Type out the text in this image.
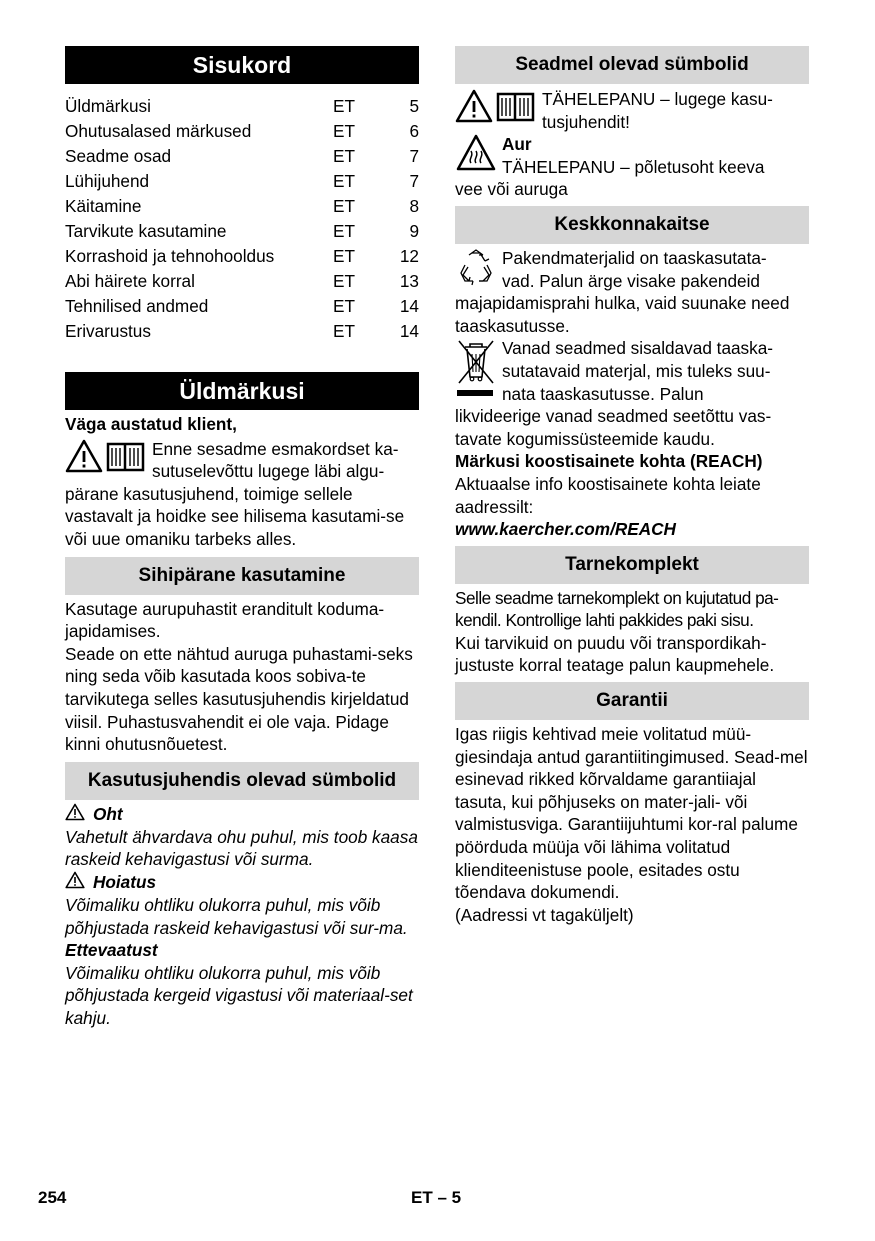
Sisukord
Üldmärkusi	ET	5
Ohutusalased märkused	ET	6
Seadme osad	ET	7
Lühijuhend	ET	7
Käitamine	ET	8
Tarvikute kasutamine	ET	9
Korrashoid ja tehnohooldus	ET	12
Abi häirete korral	ET	13
Tehnilised andmed	ET	14
Erivarustus	ET	14
Üldmärkusi

Väga austatud klient,

Enne sesadme esmakordset ka-

sutuselevõttu lugege läbi algu-

pärane kasutusjuhend, toimige sellele vastavalt ja hoidke see hilisema kasutami-se või uue omaniku tarbeks alles.

Sihipärane kasutamine

Kasutage aurupuhastit eranditult koduma-japidamises.

Seade on ette nähtud auruga puhastami-seks ning seda võib kasutada koos sobiva-te tarvikutega selles kasutusjuhendis kirjeldatud viisil. Puhastusvahendit ei ole vaja. Pidage kinni ohutusnõuetest.

Kasutusjuhendis olevad sümbolid

Oht

Vahetult ähvardava ohu puhul, mis toob kaasa raskeid kehavigastusi või surma.

Hoiatus

Võimaliku ohtliku olukorra puhul, mis võib põhjustada raskeid kehavigastusi või sur-ma.

Ettevaatust

Võimaliku ohtliku olukorra puhul, mis võib põhjustada kergeid vigastusi või materiaal-set kahju.

Seadmel olevad sümbolid

TÄHELEPANU – lugege kasu-tusjuhendit!

Aur

TÄHELEPANU – põletusoht keeva

vee või auruga

Keskkonnakaitse

Pakendmaterjalid on taaskasutata-

vad. Palun ärge visake pakendeid

majapidamisprahi hulka, vaid suunake need taaskasutusse.

Vanad seadmed sisaldavad taaska-

sutatavaid materjal, mis tuleks suu-

nata taaskasutusse. Palun

likvideerige vanad seadmed seetõttu vas-tavate kogumissüsteemide kaudu.

Märkusi koostisainete kohta (REACH)

Aktuaalse info koostisainete kohta leiate aadressilt:

www.kaercher.com/REACH

Tarnekomplekt

Selle seadme tarnekomplekt on kujutatud pa-kendil. Kontrollige lahti pakkides paki sisu.

Kui tarvikuid on puudu või transpordikah-justuste korral teatage palun kaupmehele.

Garantii

Igas riigis kehtivad meie volitatud müü-giesindaja antud garantiitingimused. Sead-mel esinevad rikked kõrvaldame garantiiajal tasuta, kui põhjuseks on mater-jali- või valmistusviga. Garantiijuhtumi kor-ral palume pöörduda müüja või lähima volitatud klienditeenistuse poole, esitades ostu tõendava dokumendi.

(Aadressi vt tagaküljelt)

254	ET – 5
